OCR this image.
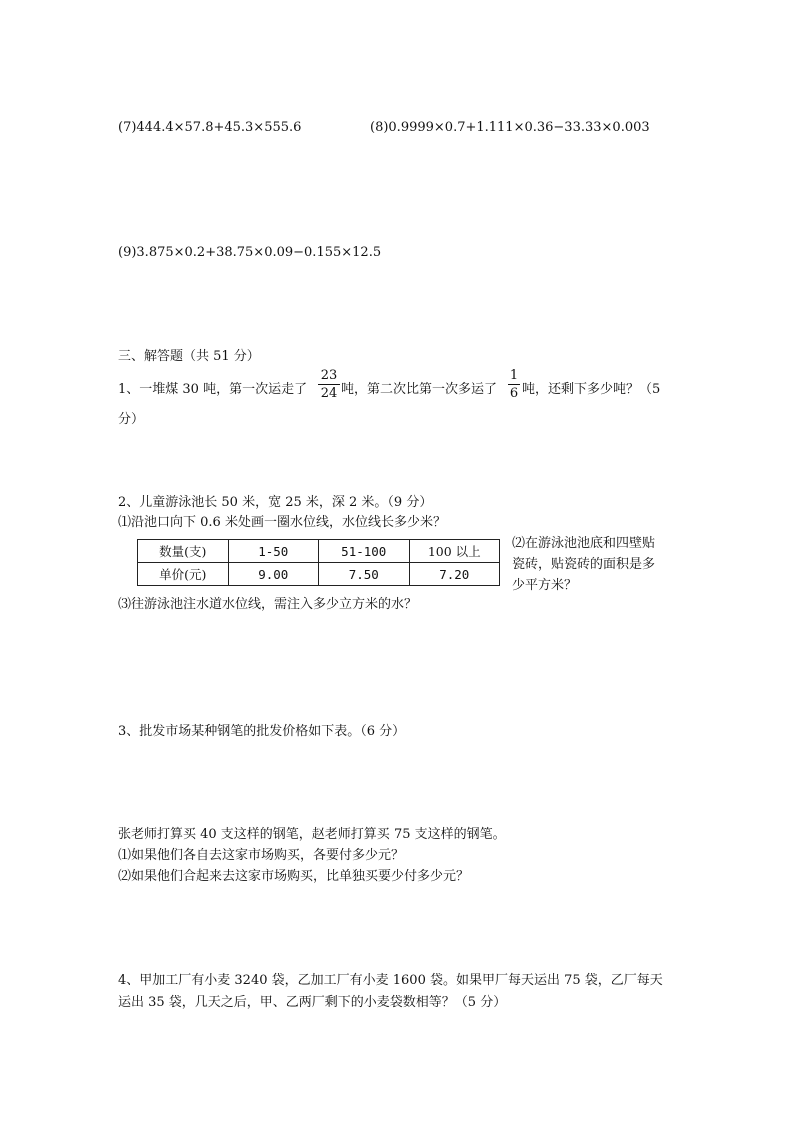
(7)444.4×57.8+45.3×555.6	(8)0.9999×0.7+1.111×0.36−33.33×0.003
(9)3.875×0.2+38.75×0.09−0.155×12.5
三、解答题（共 51 分）
1、一堆煤 30 吨，第一次运走了
23
24 吨，第二次比第一次多运了
1
6 吨，还剩下多少吨？（5
分）
2、儿童游泳池长 50 米，宽 25 米，深 2 米。（9 分）
⑴沿池口向下 0.6 米处画一圈水位线，水位线长多少米？
数量(支)	1-50	51-100	100 以上
单价(元)	9.00	7.50	7.20
⑵在游泳池池底和四壁贴
瓷砖，贴瓷砖的面积是多
少平方米？
⑶往游泳池注水道水位线，需注入多少立方米的水？
3、批发市场某种钢笔的批发价格如下表。（6 分）
张老师打算买 40 支这样的钢笔，赵老师打算买 75 支这样的钢笔。
⑴如果他们各自去这家市场购买，各要付多少元？
⑵如果他们合起来去这家市场购买，比单独买要少付多少元？
4、甲加工厂有小麦 3240 袋，乙加工厂有小麦 1600 袋。如果甲厂每天运出 75 袋，乙厂每天
运出 35 袋，几天之后，甲、乙两厂剩下的小麦袋数相等？（5 分）
